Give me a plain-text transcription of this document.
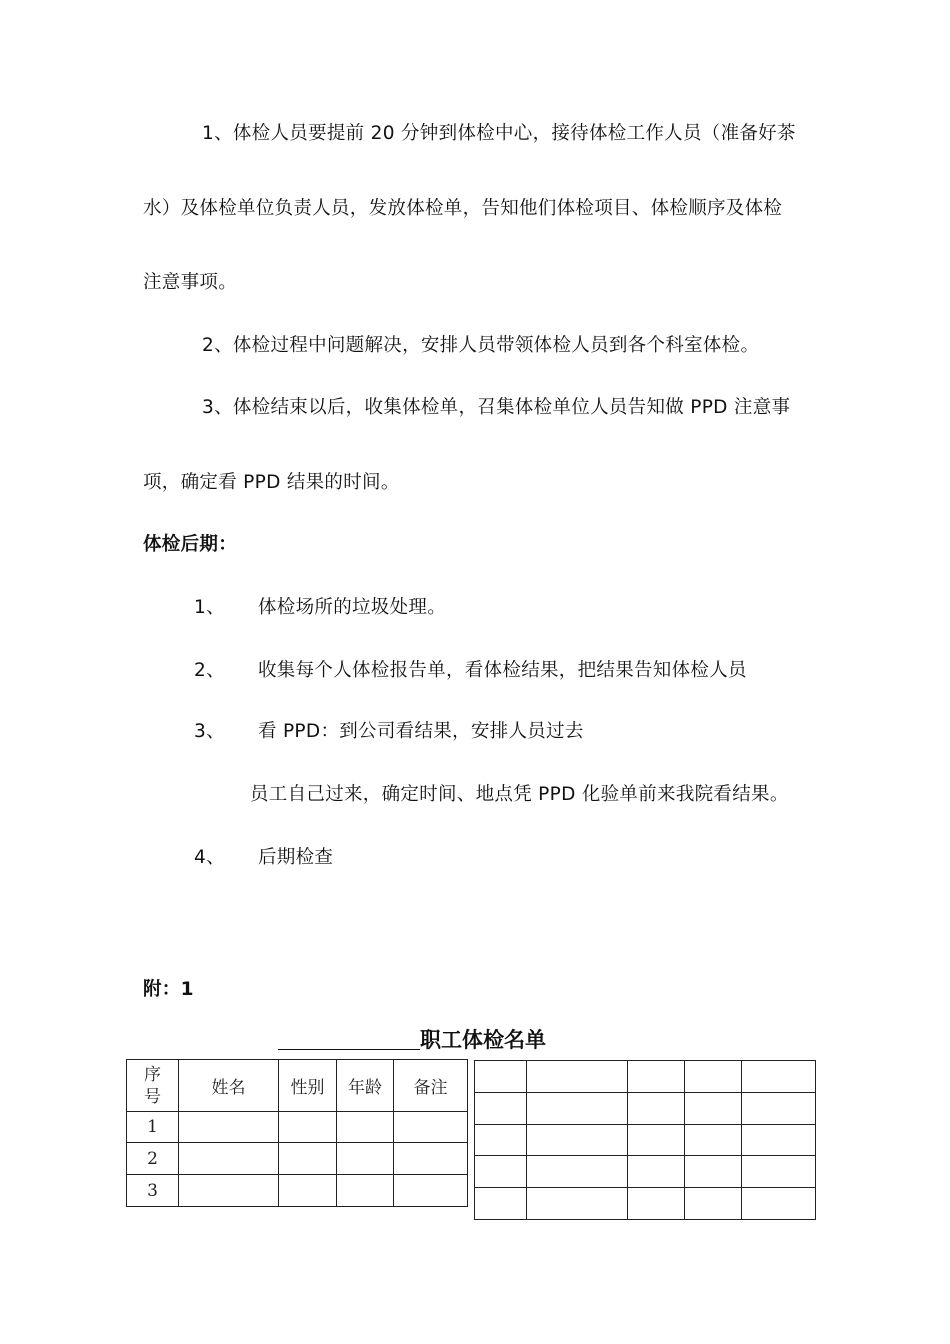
1、体检人员要提前 20 分钟到体检中心，接待体检工作人员（准备好茶
水）及体检单位负责人员，发放体检单，告知他们体检项目、体检顺序及体检
注意事项。
2、体检过程中问题解决，安排人员带领体检人员到各个科室体检。
3、体检结束以后，收集体检单，召集体检单位人员告知做 PPD 注意事
项，确定看 PPD 结果的时间。
体检后期：
1、 体检场所的垃圾处理。
2、 收集每个人体检报告单，看体检结果，把结果告知体检人员
3、 看 PPD：到公司看结果，安排人员过去
员工自己过来，确定时间、地点凭 PPD 化验单前来我院看结果。
4、 后期检查
附：1
职工体检名单
序号	姓名	性别	年龄	备注
1				
2				
3				
